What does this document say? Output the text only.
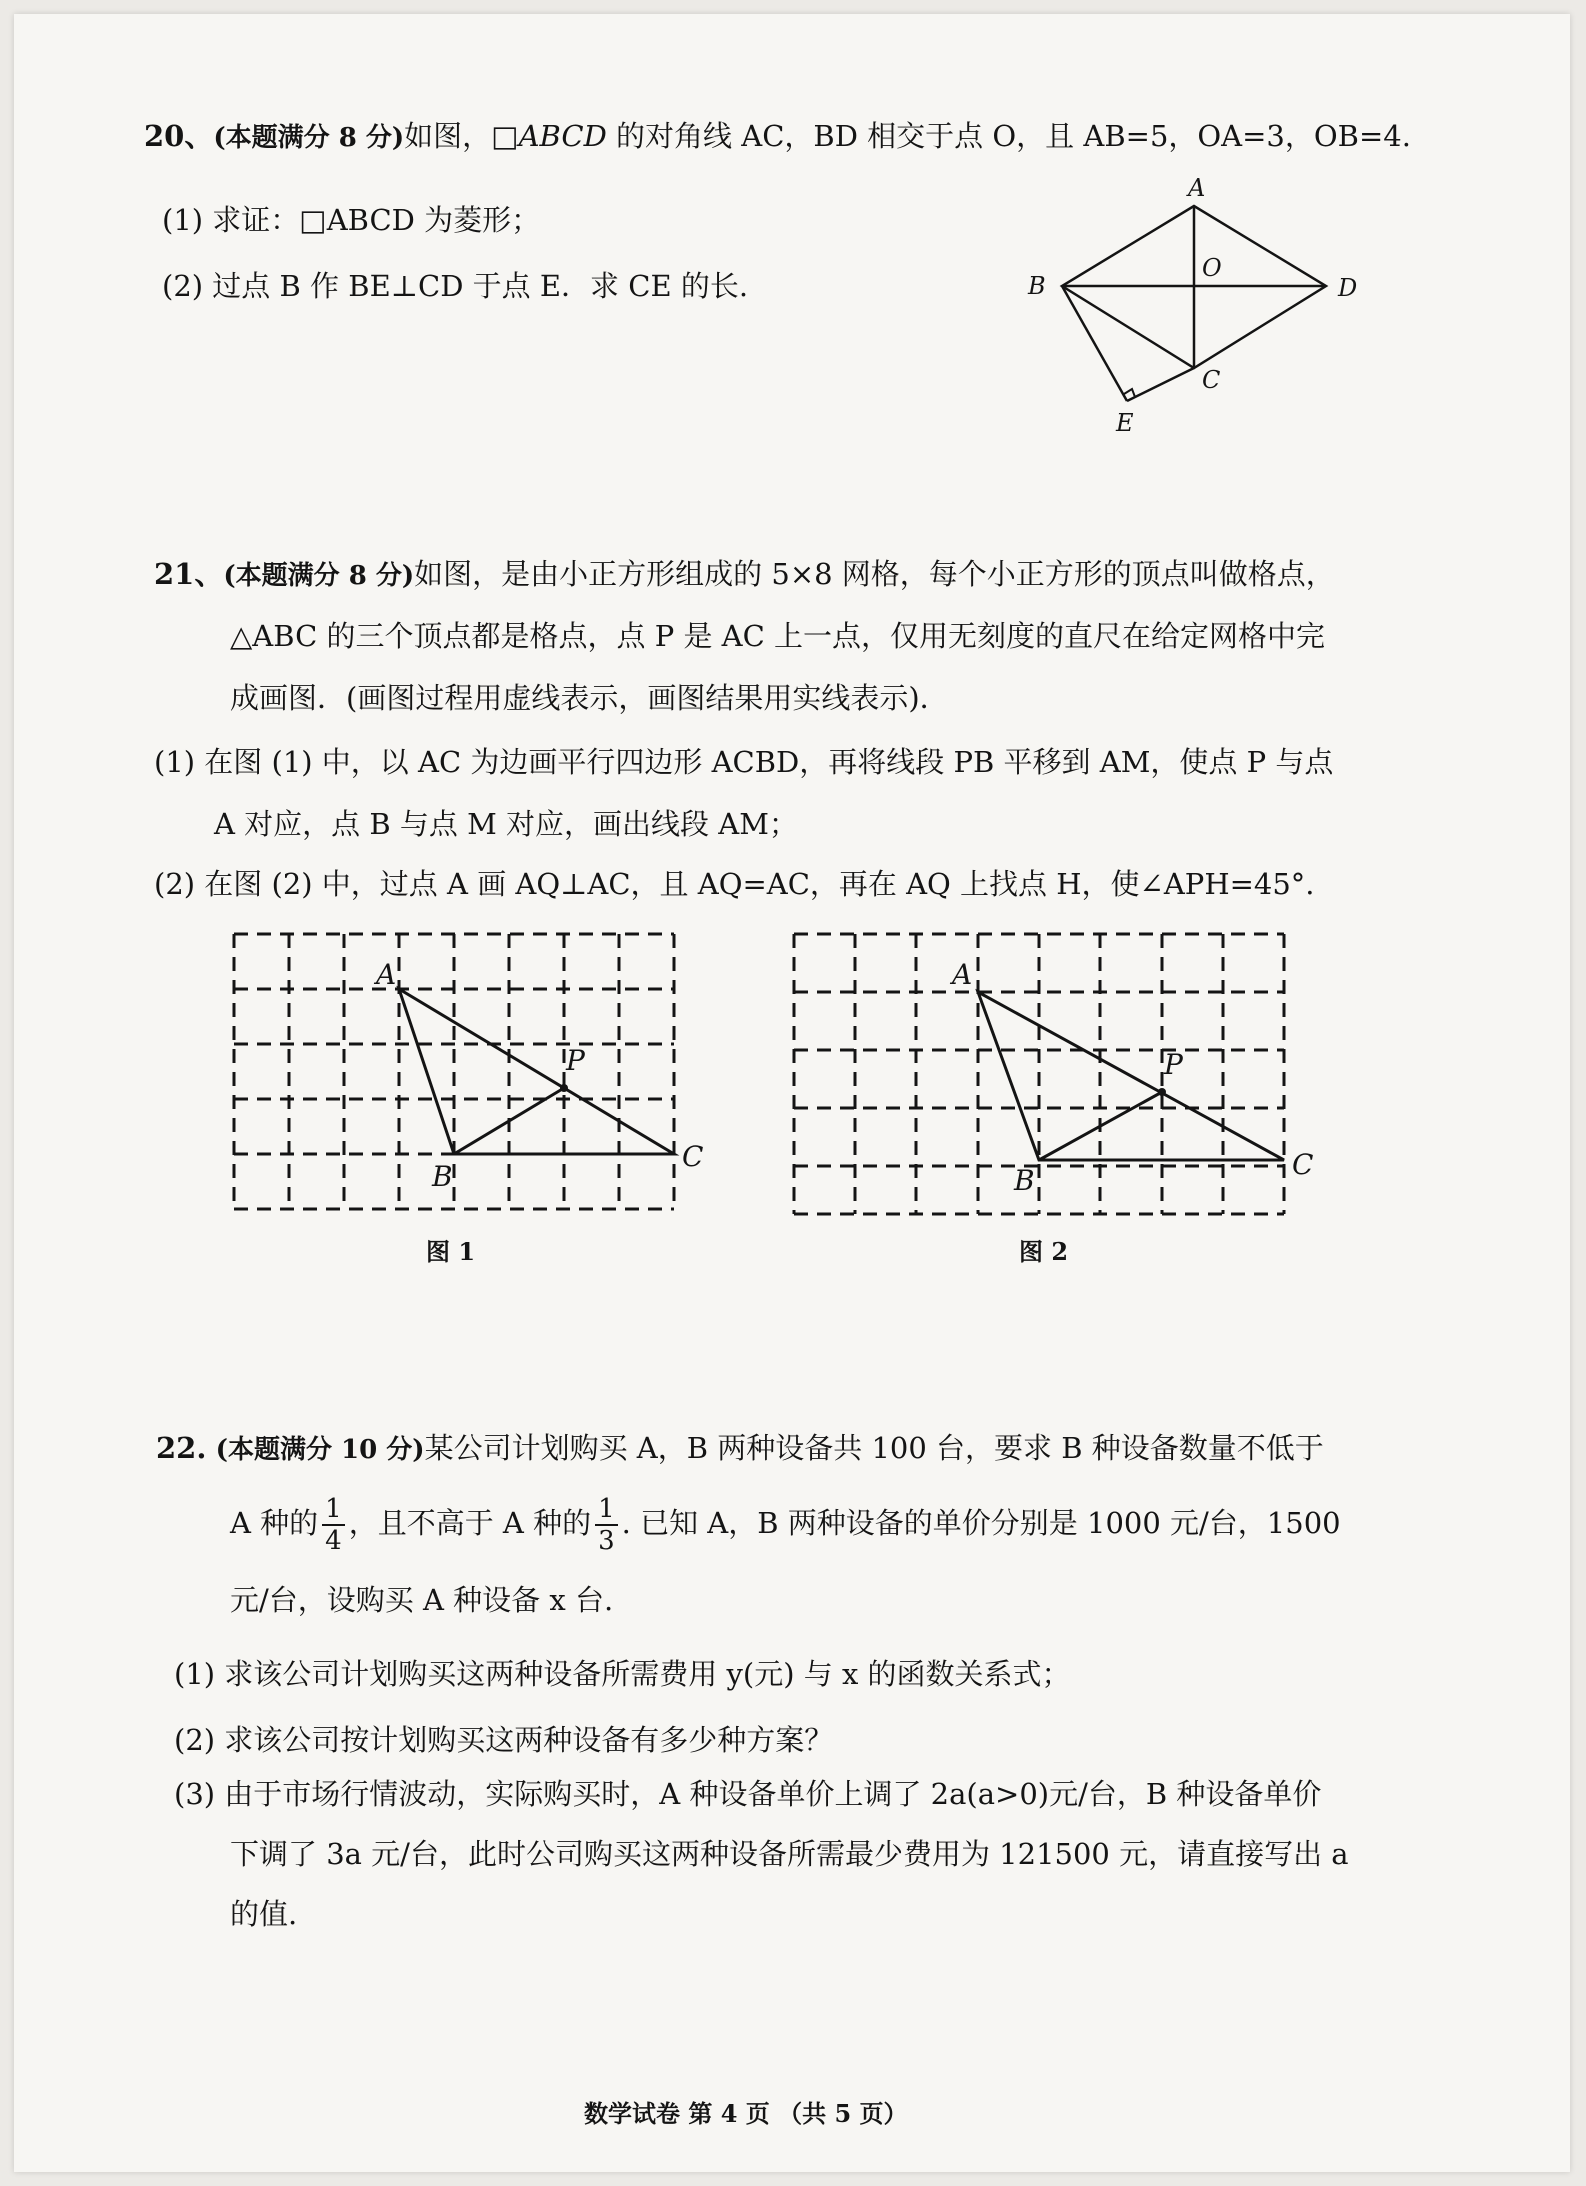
20、(本题满分 8 分)如图，□ABCD 的对角线 AC，BD 相交于点 O，且 AB=5，OA=3，OB=4.
(1) 求证：□ABCD 为菱形；
(2) 过点 B 作 BE⊥CD 于点 E．求 CE 的长.
A
B
C
D
O
E
21、(本题满分 8 分)如图，是由小正方形组成的 5×8 网格，每个小正方形的顶点叫做格点，
△ABC 的三个顶点都是格点，点 P 是 AC 上一点，仅用无刻度的直尺在给定网格中完
成画图．(画图过程用虚线表示，画图结果用实线表示)．
(1) 在图 (1) 中，以 AC 为边画平行四边形 ACBD，再将线段 PB 平移到 AM，使点 P 与点
A 对应，点 B 与点 M 对应，画出线段 AM；
(2) 在图 (2) 中，过点 A 画 AQ⊥AC，且 AQ=AC，再在 AQ 上找点 H，使∠APH=45°.
A
B
C
P
图 1
A
B	C
P
图 2
22. (本题满分 10 分)某公司计划购买 A，B 两种设备共 100 台，要求 B 种设备数量不低于
A 种的 $\frac{1}{4}$ ，且不高于 A 种的 $\frac{1}{3}$ . 已知 A，B 两种设备的单价分别是 1000 元/台，1500
元/台，设购买 A 种设备 x 台.
(1) 求该公司计划购买这两种设备所需费用 y(元) 与 x 的函数关系式；
(2) 求该公司按计划购买这两种设备有多少种方案？
(3) 由于市场行情波动，实际购买时，A 种设备单价上调了 2a(a>0)元/台，B 种设备单价
下调了 3a 元/台，此时公司购买这两种设备所需最少费用为 121500 元，请直接写出 a
的值.
数学试卷 第 4 页 （共 5 页）
